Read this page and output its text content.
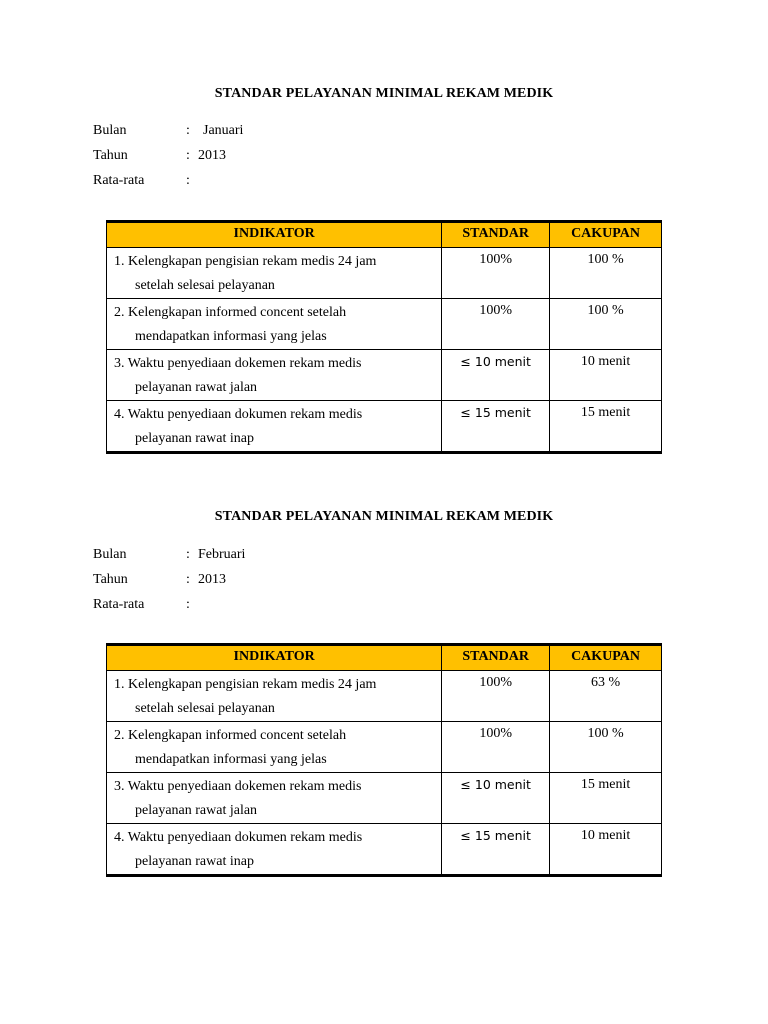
STANDAR PELAYANAN MINIMAL REKAM MEDIK
Bulan	: Januari
Tahun	: 2013
Rata-rata	:
INDIKATOR	STANDAR	CAKUPAN
1. Kelengkapan pengisian rekam medis 24 jam
setelah selesai pelayanan	100%	100 %
2. Kelengkapan informed concent setelah
mendapatkan informasi yang jelas	100%	100 %
3. Waktu penyediaan dokemen rekam medis
pelayanan rawat jalan	≤ 10 menit	10 menit
4. Waktu penyediaan dokumen rekam medis
pelayanan rawat inap	≤ 15 menit	15 menit
STANDAR PELAYANAN MINIMAL REKAM MEDIK
Bulan	: Februari
Tahun	: 2013
Rata-rata	:
INDIKATOR	STANDAR	CAKUPAN
1. Kelengkapan pengisian rekam medis 24 jam
setelah selesai pelayanan	100%	63 %
2. Kelengkapan informed concent setelah
mendapatkan informasi yang jelas	100%	100 %
3. Waktu penyediaan dokemen rekam medis
pelayanan rawat jalan	≤ 10 menit	15 menit
4. Waktu penyediaan dokumen rekam medis
pelayanan rawat inap	≤ 15 menit	10 menit
